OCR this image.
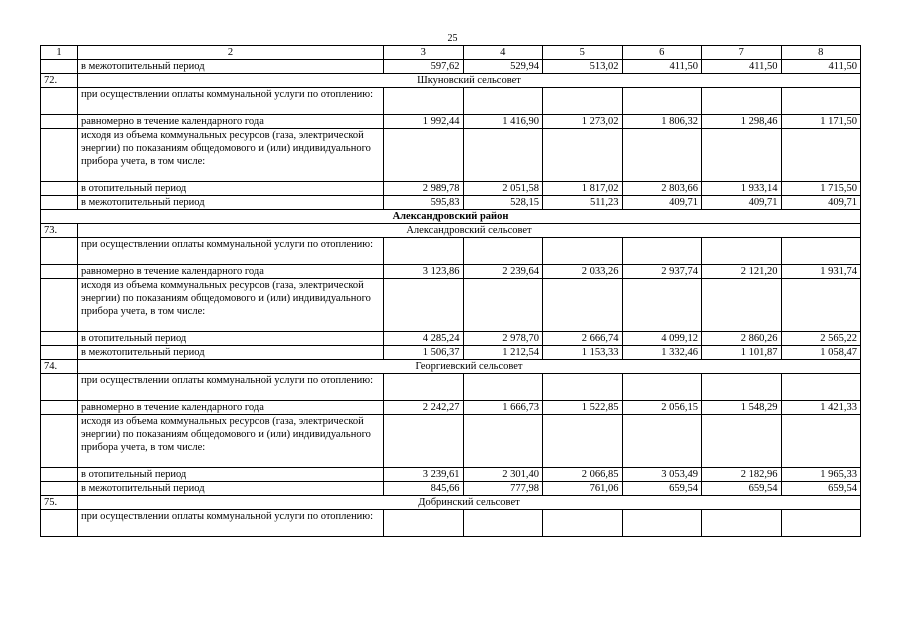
25
1	2	3	4	5	6	7	8
	в межотопительный период	597,62	529,94	513,02	411,50	411,50	411,50
72.	Шкуновский сельсовет						
	при осуществлении оплаты коммунальной услуги по отоплению:						
	равномерно в течение календарного года	1 992,44	1 416,90	1 273,02	1 806,32	1 298,46	1 171,50
	исходя из объема коммунальных ресурсов (газа, электрической энергии) по показаниям общедомового и (или) индивидуального прибора учета, в том числе:						
	в отопительный период	2 989,78	2 051,58	1 817,02	2 803,66	1 933,14	1 715,50
	в межотопительный период	595,83	528,15	511,23	409,71	409,71	409,71
Александровский район							
73.	Александровский сельсовет						
	при осуществлении оплаты коммунальной услуги по отоплению:						
	равномерно в течение календарного года	3 123,86	2 239,64	2 033,26	2 937,74	2 121,20	1 931,74
	исходя из объема коммунальных ресурсов (газа, электрической энергии) по показаниям общедомового и (или) индивидуального прибора учета, в том числе:						
	в отопительный период	4 285,24	2 978,70	2 666,74	4 099,12	2 860,26	2 565,22
	в межотопительный период	1 506,37	1 212,54	1 153,33	1 332,46	1 101,87	1 058,47
74.	Георгиевский сельсовет						
	при осуществлении оплаты коммунальной услуги по отоплению:						
	равномерно в течение календарного года	2 242,27	1 666,73	1 522,85	2 056,15	1 548,29	1 421,33
	исходя из объема коммунальных ресурсов (газа, электрической энергии) по показаниям общедомового и (или) индивидуального прибора учета, в том числе:						
	в отопительный период	3 239,61	2 301,40	2 066,85	3 053,49	2 182,96	1 965,33
	в межотопительный период	845,66	777,98	761,06	659,54	659,54	659,54
75.	Добринский сельсовет						
	при осуществлении оплаты коммунальной услуги по отоплению:						
